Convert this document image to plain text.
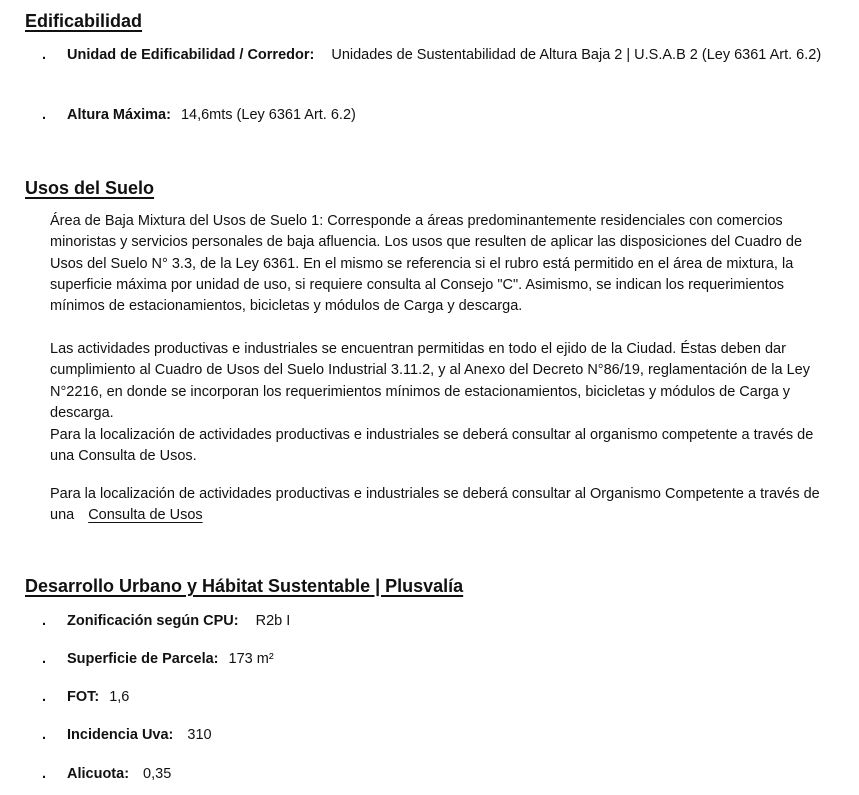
Edificabilidad
.	Unidad de Edificabilidad / Corredor: Unidades de Sustentabilidad de Altura Baja 2 | U.S.A.B 2 (Ley 6361 Art. 6.2)
.	Altura Máxima: 14,6mts (Ley 6361 Art. 6.2)
Usos del Suelo

Área de Baja Mixtura del Usos de Suelo 1: Corresponde a áreas predominantemente residenciales con comercios minoristas y servicios personales de baja afluencia. Los usos que resulten de aplicar las disposiciones del Cuadro de Usos del Suelo N° 3.3, de la Ley 6361. En el mismo se referencia si el rubro está permitido en el área de mixtura, la superficie máxima por unidad de uso, si requiere consulta al Consejo "C". Asimismo, se indican los requerimientos mínimos de estacionamientos, bicicletas y módulos de Carga y descarga.

Las actividades productivas e industriales se encuentran permitidas en todo el ejido de la Ciudad. Éstas deben dar cumplimiento al Cuadro de Usos del Suelo Industrial 3.11.2, y al Anexo del Decreto N°86/19, reglamentación de la Ley N°2216, en donde se incorporan los requerimientos mínimos de estacionamientos, bicicletas y módulos de Carga y descarga.

Para la localización de actividades productivas e industriales se deberá consultar al organismo competente a través de una Consulta de Usos.

Para la localización de actividades productivas e industriales se deberá consultar al Organismo Competente a través de una Consulta de Usos

Desarrollo Urbano y Hábitat Sustentable | Plusvalía
.	Zonificación según CPU: R2b I
.	Superficie de Parcela: 173 m²
.	FOT: 1,6
.	Incidencia Uva: 310
.	Alicuota: 0,35
